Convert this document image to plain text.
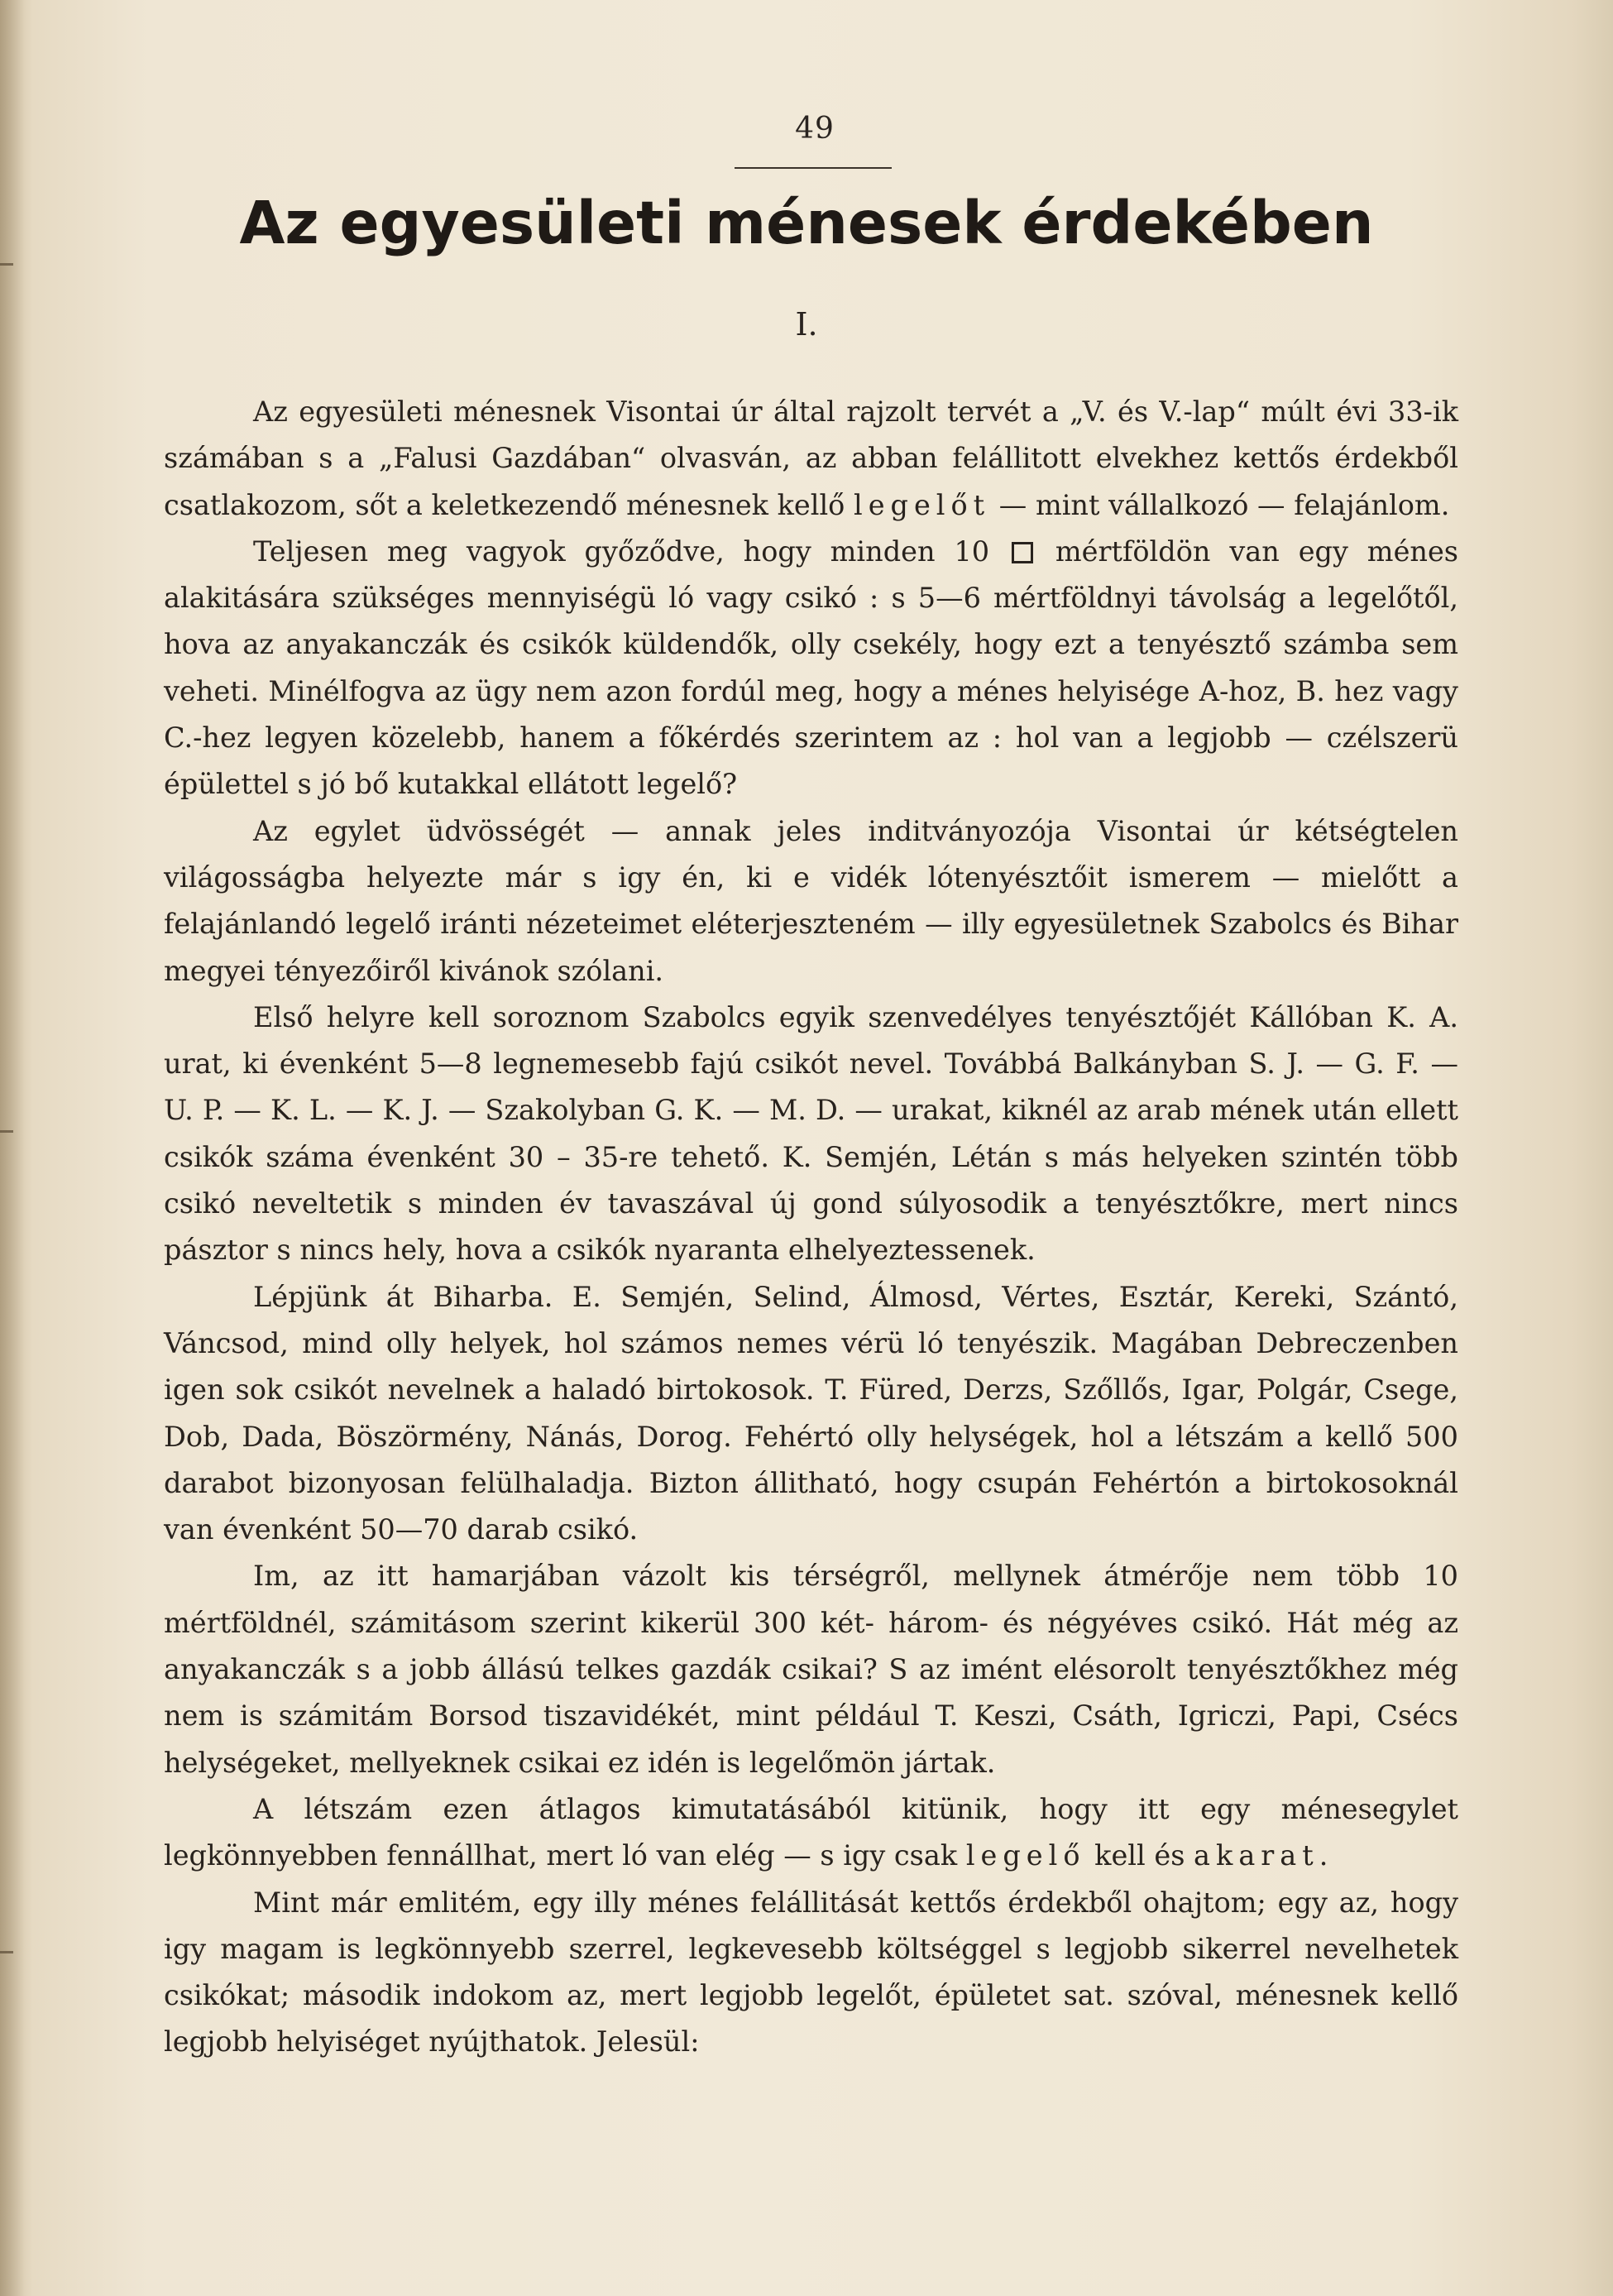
49
Az egyesületi ménesek érdekében
I.

Az egyesületi ménesnek Visontai úr által rajzolt tervét a „V. és V.-lap“ múlt évi 33-ik számában s a „Falusi Gazdában“ olvasván, az abban felállitott elvekhez kettős érdekből csatlakozom, sőt a keletkezendő ménesnek kellő legelőt — mint vállalkozó — felajánlom.

Teljesen meg vagyok győződve, hogy minden 10  mértföldön van egy ménes alakitására szükséges mennyiségü ló vagy csikó : s 5—6 mértföldnyi távolság a legelőtől, hova az anyakanczák és csikók küldendők, olly csekély, hogy ezt a tenyésztő számba sem veheti. Minélfogva az ügy nem azon fordúl meg, hogy a ménes helyisége A-hoz, B. hez vagy C.-hez legyen közelebb, hanem a főkérdés szerintem az : hol van a legjobb — czélszerü épülettel s jó bő kutakkal ellátott legelő?

Az egylet üdvösségét — annak jeles inditványozója Visontai úr kétségtelen világosságba helyezte már s igy én, ki e vidék lótenyésztőit ismerem — mielőtt a felajánlandó legelő iránti nézeteimet eléterjeszteném — illy egyesületnek Szabolcs és Bihar megyei tényezőiről kivánok szólani.

Első helyre kell soroznom Szabolcs egyik szenvedélyes tenyésztőjét Kállóban K. A. urat, ki évenként 5—8 legnemesebb fajú csikót nevel. Továbbá Balkányban S. J. — G. F. — U. P. — K. L. — K. J. — Szakolyban G. K. — M. D. — urakat, kiknél az arab mének után ellett csikók száma évenként 30 – 35-re tehető. K. Semjén, Létán s más helyeken szintén több csikó neveltetik s minden év tavaszával új gond súlyosodik a tenyésztőkre, mert nincs pásztor s nincs hely, hova a csikók nyaranta elhelyeztessenek.

Lépjünk át Biharba. E. Semjén, Selind, Álmosd, Vértes, Esztár, Kereki, Szántó, Váncsod, mind olly helyek, hol számos nemes vérü ló tenyészik. Magában Debreczenben igen sok csikót nevelnek a haladó birtokosok. T. Füred, Derzs, Szőllős, Igar, Polgár, Csege, Dob, Dada, Böszörmény, Nánás, Dorog. Fehértó olly helységek, hol a létszám a kellő 500 darabot bizonyosan felülhaladja. Bizton állitható, hogy csupán Fehértón a birtokosoknál van évenként 50—70 darab csikó.

Im, az itt hamarjában vázolt kis térségről, mellynek átmérője nem több 10 mértföldnél, számitásom szerint kikerül 300 két- három- és négyéves csikó. Hát még az anyakanczák s a jobb állású telkes gazdák csikai? S az imént elésorolt tenyésztőkhez még nem is számitám Borsod tiszavidékét, mint például T. Keszi, Csáth, Igriczi, Papi, Csécs helységeket, mellyeknek csikai ez idén is legelőmön jártak.

A létszám ezen átlagos kimutatásából kitünik, hogy itt egy ménesegylet legkönnyebben fennállhat, mert ló van elég — s igy csak legelő kell és akarat.

Mint már emlitém, egy illy ménes felállitását kettős érdekből ohajtom; egy az, hogy igy magam is legkönnyebb szerrel, legkevesebb költséggel s legjobb sikerrel nevelhetek csikókat; második indokom az, mert legjobb legelőt, épületet sat. szóval, ménesnek kellő legjobb helyiséget nyújthatok. Jelesül:
